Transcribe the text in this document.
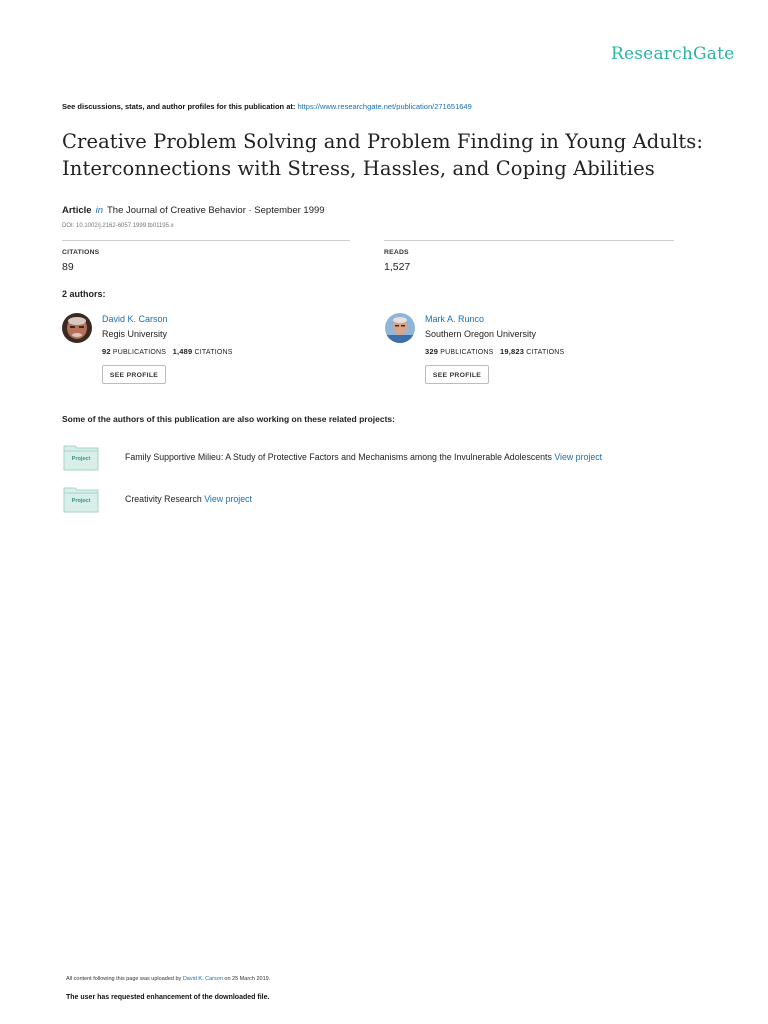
ResearchGate
See discussions, stats, and author profiles for this publication at: https://www.researchgate.net/publication/271651649
Creative Problem Solving and Problem Finding in Young Adults:
Interconnections with Stress, Hassles, and Coping Abilities
Article in The Journal of Creative Behavior · September 1999
DOI: 10.1002/j.2162-6057.1999.tb01195.x
CITATIONS
89
READS
1,527
2 authors:
David K. Carson
Regis University
92 PUBLICATIONS 1,489 CITATIONS
SEE PROFILE
Mark A. Runco
Southern Oregon University
329 PUBLICATIONS 19,823 CITATIONS
SEE PROFILE
Some of the authors of this publication are also working on these related projects:
Project	Family Supportive Milieu: A Study of Protective Factors and Mechanisms among the Invulnerable Adolescents View project
Project	Creativity Research View project
All content following this page was uploaded by David K. Carson on 25 March 2019.
The user has requested enhancement of the downloaded file.
